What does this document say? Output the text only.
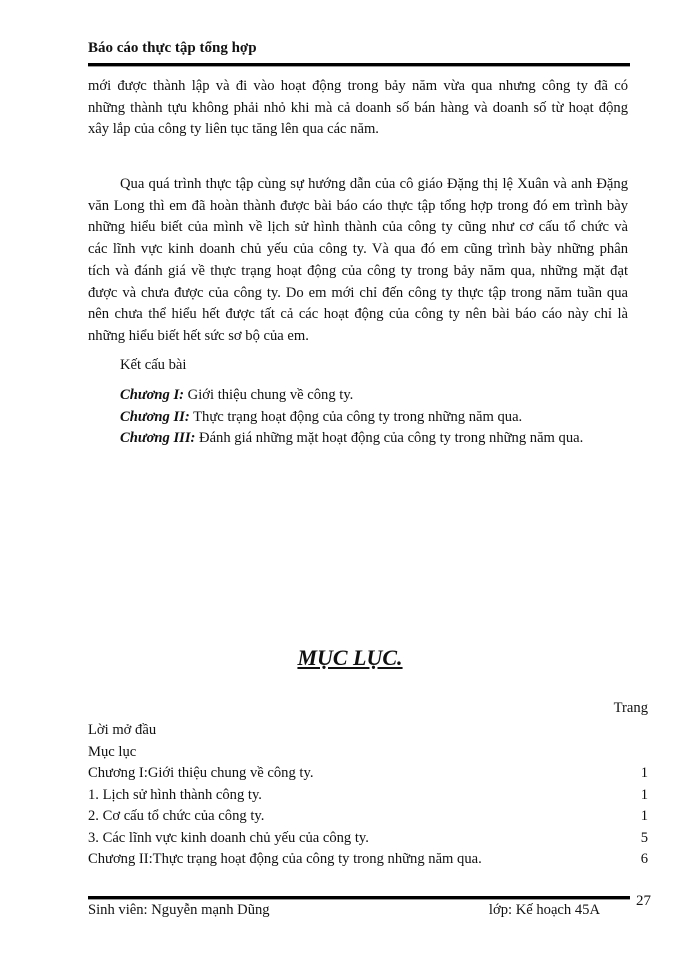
Báo cáo thực tập tổng hợp
mới được thành lập và đi vào hoạt động trong bảy năm vừa qua nhưng công ty đã có
những thành tựu không phải nhỏ khi mà cả doanh số bán hàng và doanh số từ hoạt động
xây lắp của công ty liên tục tăng lên qua các năm.
Qua quá trình thực tập cùng sự hướng dẫn của cô giáo Đặng thị lệ Xuân và anh Đặng
văn Long thì em đã hoàn thành được bài báo cáo thực tập tổng hợp trong đó em trình bày
những hiểu biết của mình về lịch sử hình thành của công ty cũng như cơ cấu tổ chức và
các lĩnh vực kinh doanh chủ yếu của công ty. Và qua đó em cũng trình bày những phân
tích và đánh giá về thực trạng hoạt động của công ty trong bảy năm qua, những mặt đạt
được và chưa được của công ty. Do em mới chỉ đến công ty thực tập trong năm tuần qua
nên chưa thể hiểu hết được tất cả các hoạt động của công ty nên bài báo cáo này chỉ là
những hiểu biết hết sức sơ bộ của em.
Kết cấu bài
Chương I: Giới thiệu chung về công ty.
Chương II: Thực trạng hoạt động của công ty trong những năm qua.
Chương III: Đánh giá những mặt hoạt động của công ty trong những năm qua.
MỤC LỤC.
Trang
Lời mở đầu
Mục lục
Chương I:Giới thiệu chung về công ty.	1
1. Lịch sử hình thành công ty.	1
2. Cơ cấu tổ chức của công ty.	1
3. Các lĩnh vực kinh doanh chủ yếu của công ty.	5
Chương II:Thực trạng hoạt động của công ty trong những năm qua.	6
Sinh viên: Nguyễn mạnh Dũng	lớp: Kế hoạch 45A
27
